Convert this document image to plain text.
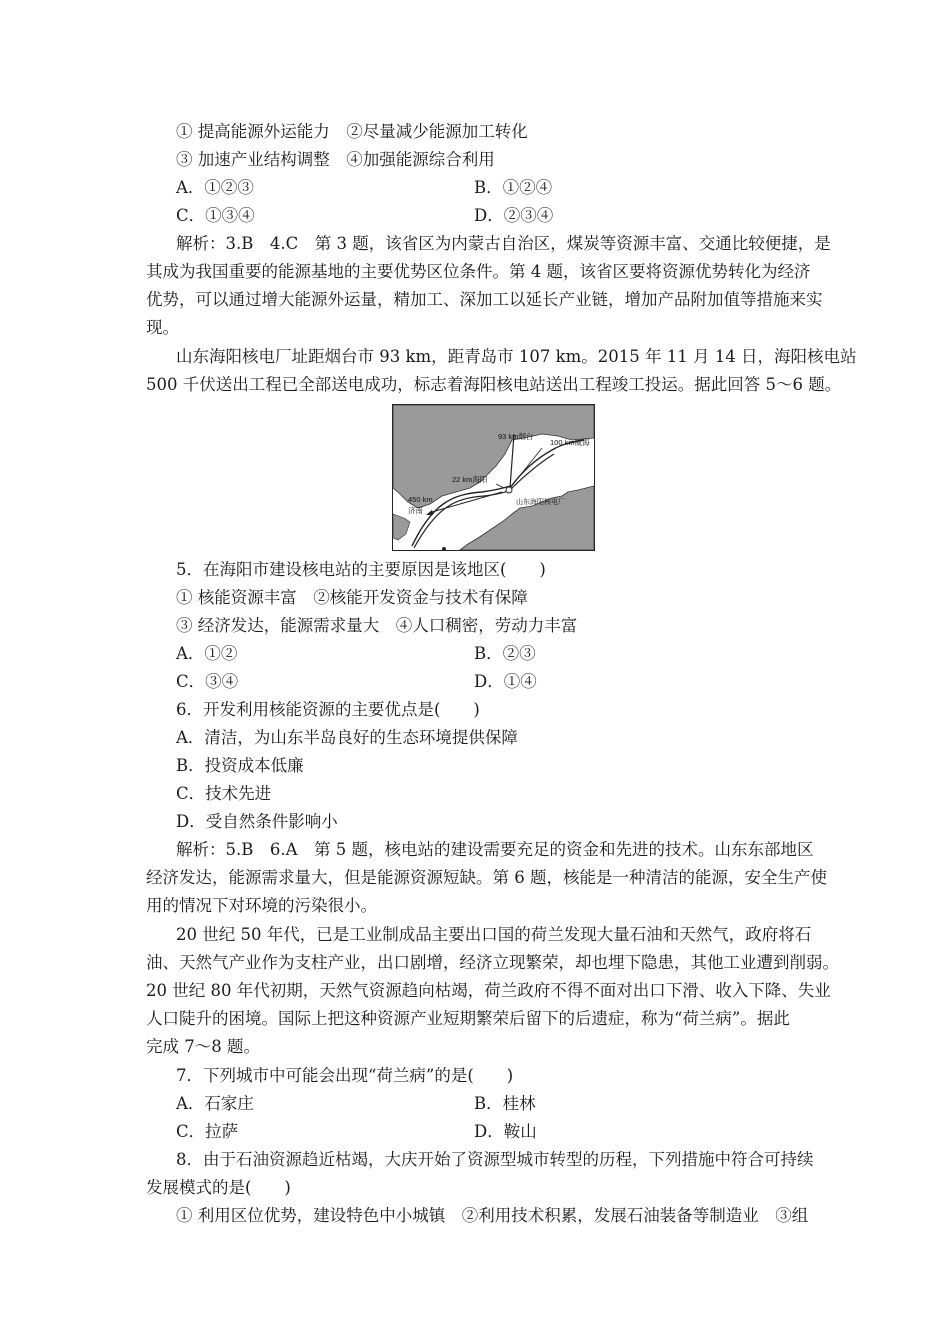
① 提高能源外运能力　②尽量减少能源加工转化
③ 加速产业结构调整　④加强能源综合利用
A．①②③	B．①②④
C．①③④	D．②③④
解析：3.B　4.C　第 3 题，该省区为内蒙古自治区，煤炭等资源丰富、交通比较便捷，是
其成为我国重要的能源基地的主要优势区位条件。第 4 题，该省区要将资源优势转化为经济
优势，可以通过增大能源外运量，精加工、深加工以延长产业链，增加产品附加值等措施来实
现。
山东海阳核电厂址距烟台市 93 km，距青岛市 107 km。2015 年 11 月 14 日，海阳核电站
500 千伏送出工程已全部送电成功，标志着海阳核电站送出工程竣工投运。据此回答 5～6 题。
93 km烟台
100 km威海
22 km海阳
450 km
济南
山东海阳核电厂
5．在海阳市建设核电站的主要原因是该地区(　　)
① 核能资源丰富　②核能开发资金与技术有保障
③ 经济发达，能源需求量大　④人口稠密，劳动力丰富
A．①②	B．②③
C．③④	D．①④
6．开发利用核能资源的主要优点是(　　)
A．清洁，为山东半岛良好的生态环境提供保障
B．投资成本低廉
C．技术先进
D．受自然条件影响小
解析：5.B　6.A　第 5 题，核电站的建设需要充足的资金和先进的技术。山东东部地区
经济发达，能源需求量大，但是能源资源短缺。第 6 题，核能是一种清洁的能源，安全生产使
用的情况下对环境的污染很小。
20 世纪 50 年代，已是工业制成品主要出口国的荷兰发现大量石油和天然气，政府将石
油、天然气产业作为支柱产业，出口剧增，经济立现繁荣，却也埋下隐患，其他工业遭到削弱。
20 世纪 80 年代初期，天然气资源趋向枯竭，荷兰政府不得不面对出口下滑、收入下降、失业
人口陡升的困境。国际上把这种资源产业短期繁荣后留下的后遗症，称为“荷兰病”。据此
完成 7～8 题。
7．下列城市中可能会出现“荷兰病”的是(　　)
A．石家庄	B．桂林
C．拉萨	D．鞍山
8．由于石油资源趋近枯竭，大庆开始了资源型城市转型的历程，下列措施中符合可持续
发展模式的是(　　)
① 利用区位优势，建设特色中小城镇　②利用技术积累，发展石油装备等制造业　③组
